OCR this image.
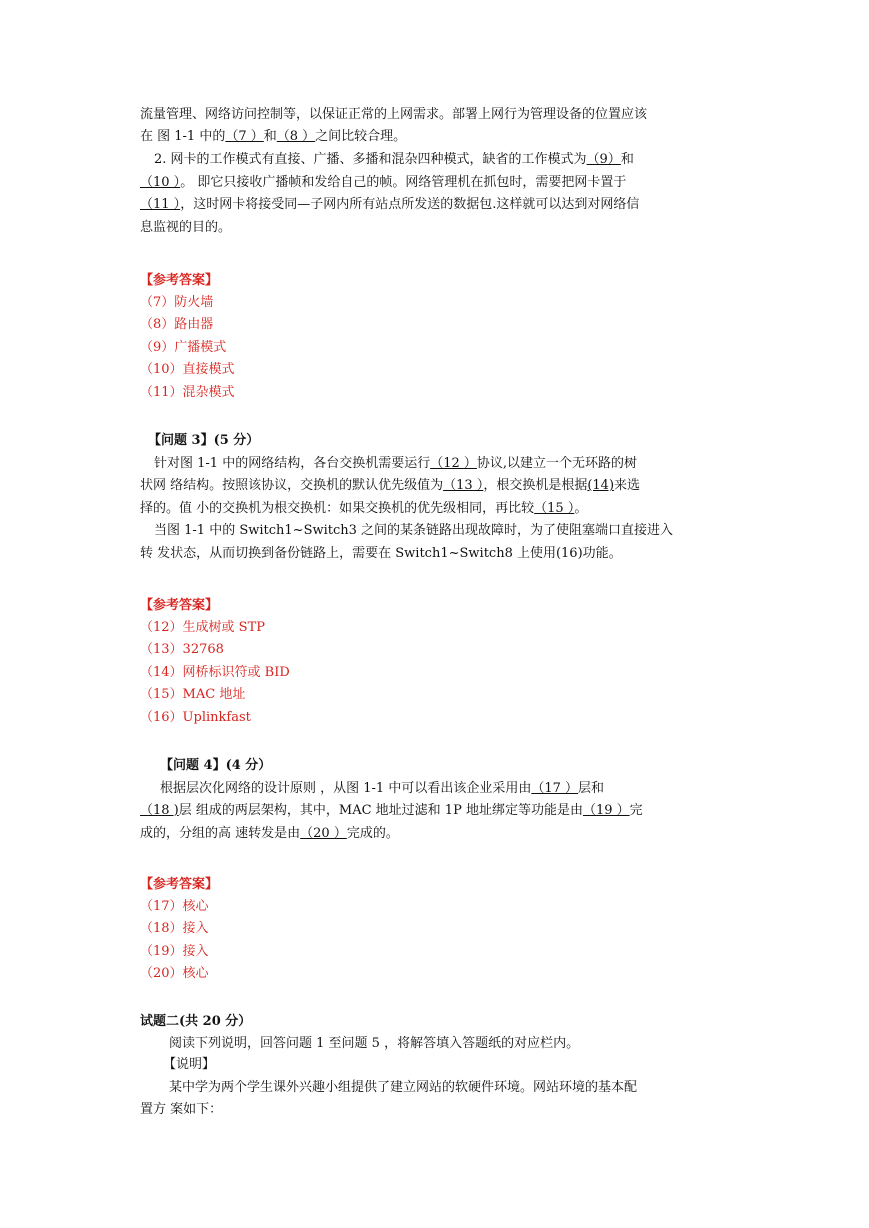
流量管理、网络访问控制等，以保证正常的上网需求。部署上网行为管理设备的位置应该
在 图 1-1 中的（7 ）和（8 ）之间比较合理。
2. 网卡的工作模式有直接、广播、多播和混杂四种模式，缺省的工作模式为（9）和
（10 ）。 即它只接收广播帧和发给自己的帧。网络管理机在抓包时，需要把网卡置于
（11 ），这时网卡将接受同—子网内所有站点所发送的数据包.这样就可以达到对网络信
息监视的目的。
【参考答案】
（7）防火墙
（8）路由器
（9）广播模式
（10）直接模式
（11）混杂模式
【问题 3】(5 分）
针对图 1-1 中的网络结构，各台交换机需要运行（12 ）协议,以建立一个无环路的树
状网 络结构。按照该协议，交换机的默认优先级值为（13 ），根交换机是根据(14)来选
择的。值 小的交换机为根交换机：如果交换机的优先级相同，再比较（15 ）。
当图 1-1 中的 Switch1~Switch3 之间的某条链路出现故障时，为了使阻塞端口直接进入
转 发状态，从而切换到备份链路上，需要在 Switch1~Switch8 上使用(16)功能。
【参考答案】
（12）生成树或 STP
（13）32768
（14）网桥标识符或 BID
（15）MAC 地址
（16）Uplinkfast
【问题 4】(4 分）
根据层次化网络的设计原则 ，从图 1-1 中可以看出该企业采用由（17 ）层和
（18 )层 组成的两层架构，其中，MAC 地址过滤和 1P 地址绑定等功能是由（19 ）完
成的，分组的高 速转发是由（20 ）完成的。
【参考答案】
（17）核心
（18）接入
（19）接入
（20）核心
试题二(共 20 分）
阅读下列说明，回答问题 1 至问题 5 ，将解答填入答题纸的对应栏内。
【说明】
某中学为两个学生课外兴趣小组提供了建立网站的软硬件环境。网站环境的基本配
置方 案如下：
